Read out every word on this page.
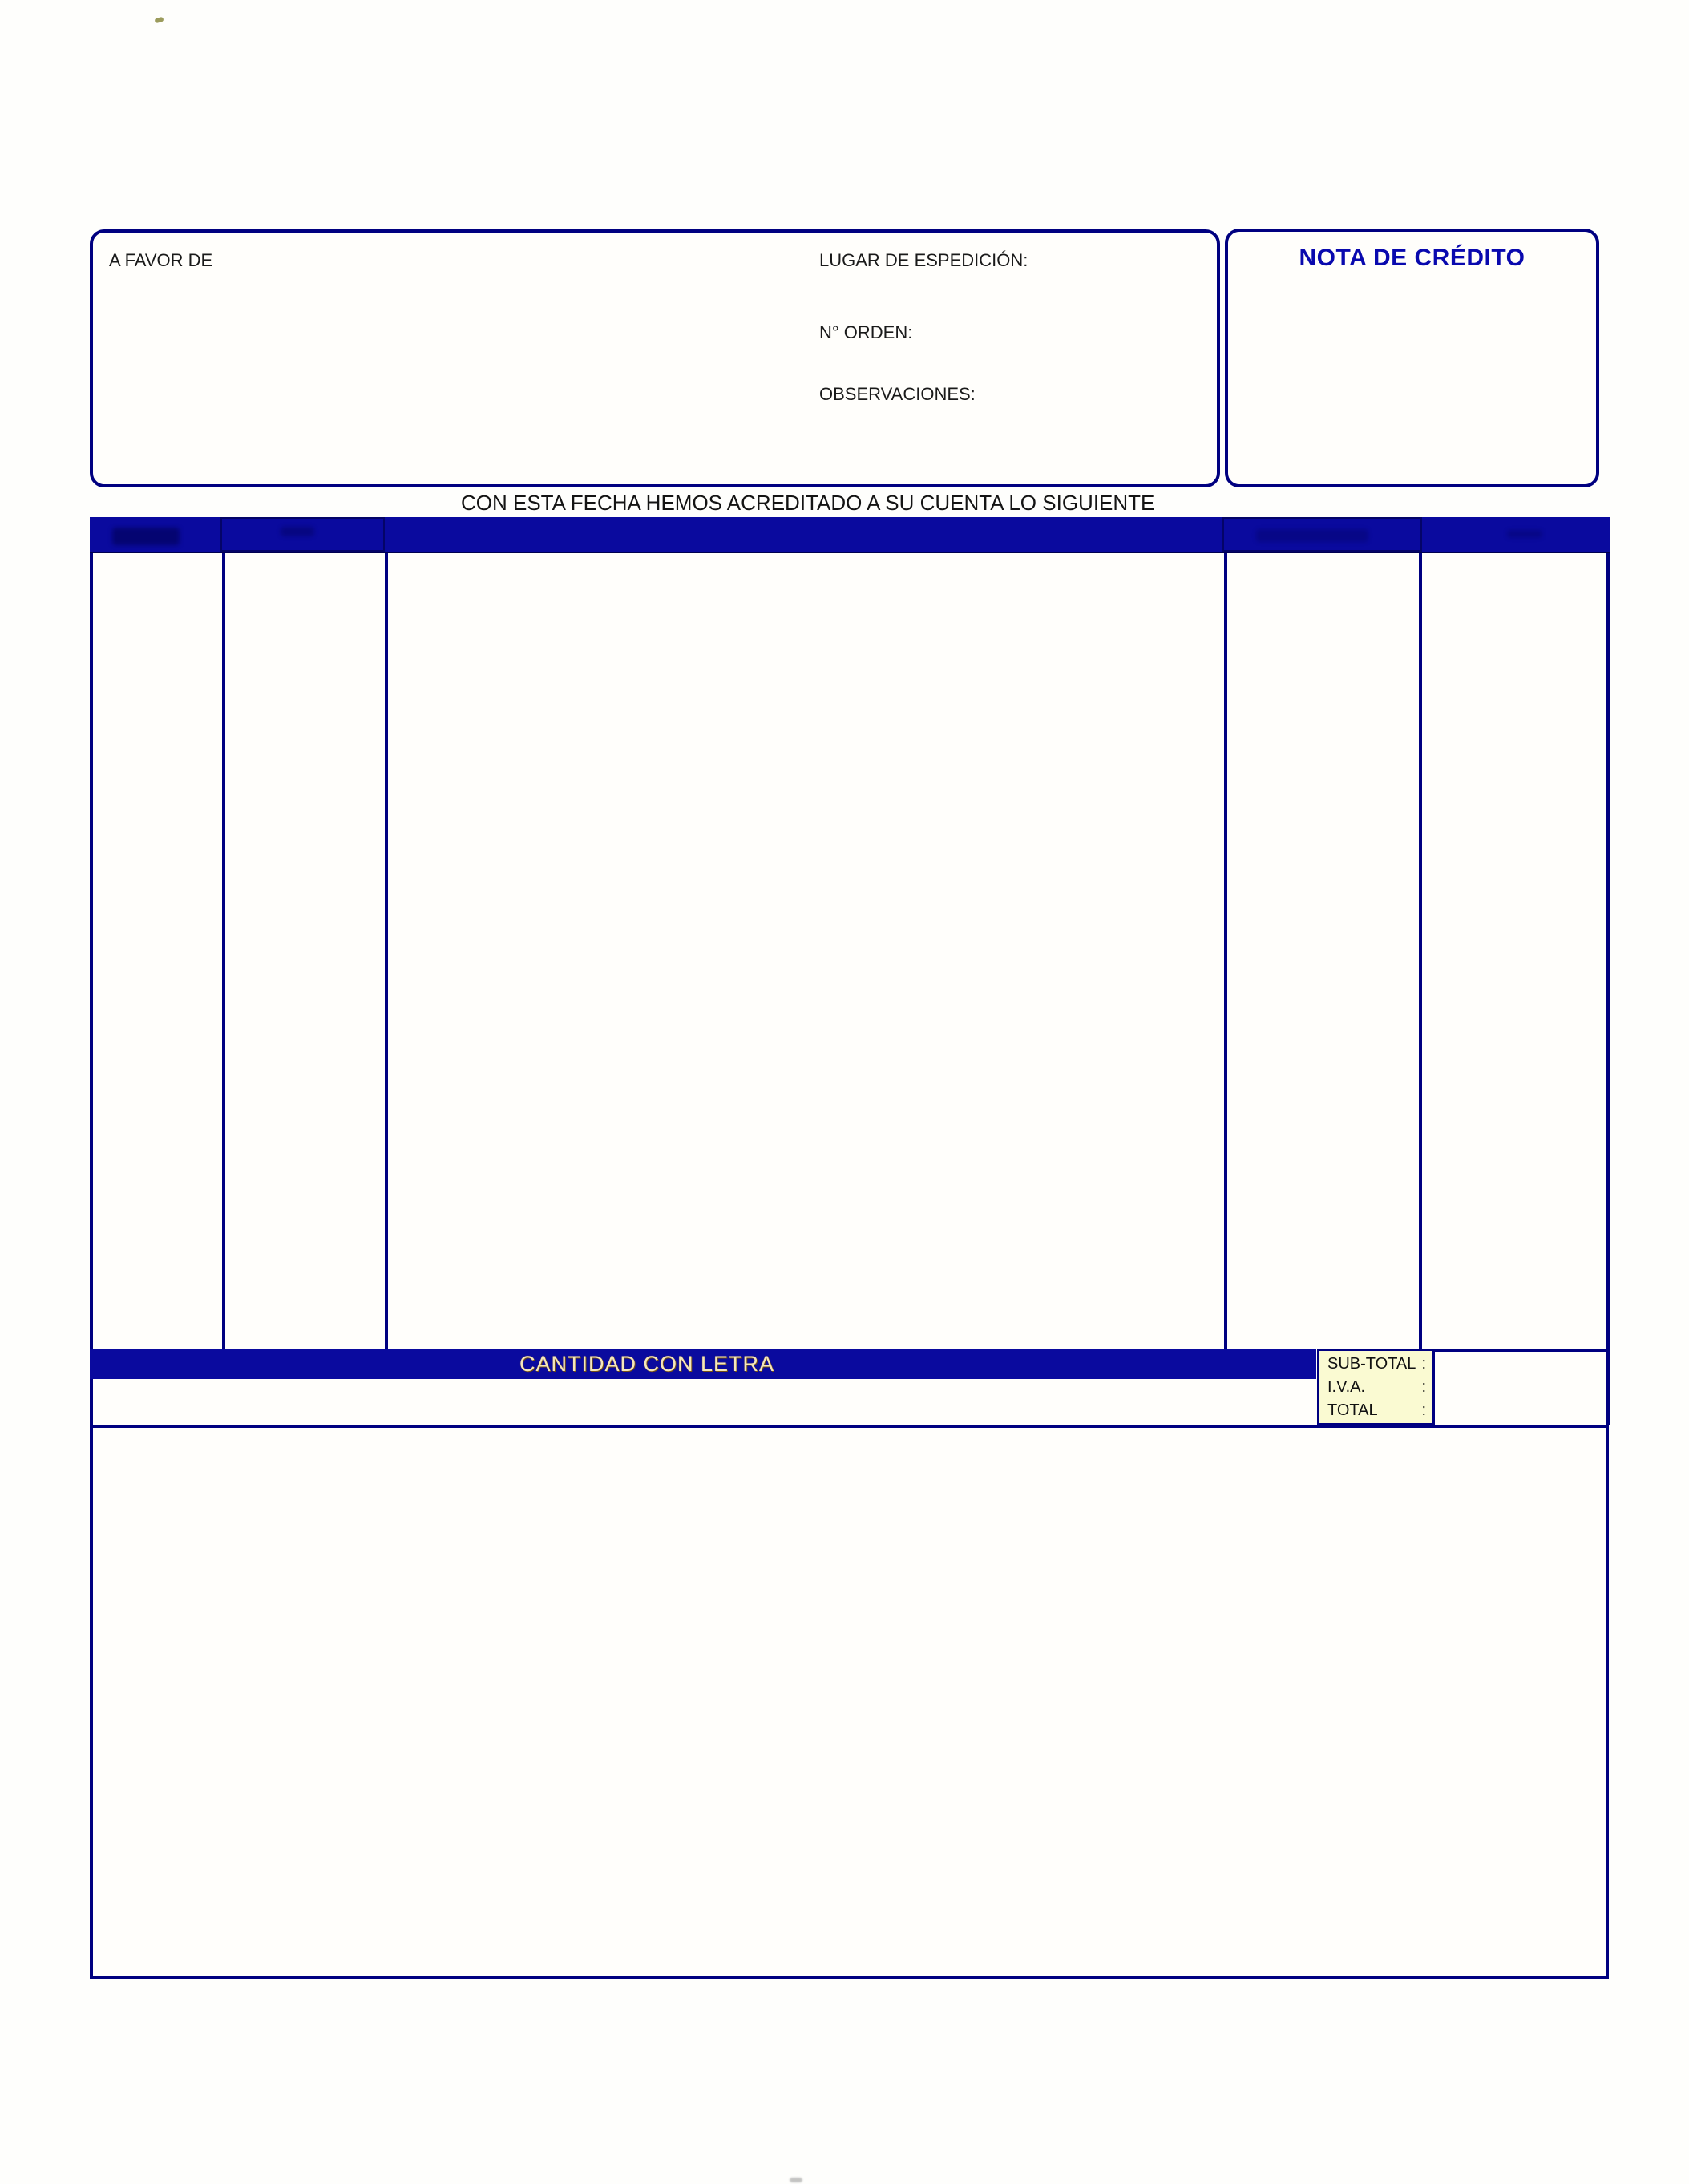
A FAVOR DE	LUGAR DE ESPEDICIÓN:
N° ORDEN:
OBSERVACIONES:
NOTA DE CRÉDITO
CON ESTA FECHA HEMOS ACREDITADO A SU CUENTA LO SIGUIENTE
CANTIDAD CON LETRA	SUB-TOTAL :
I.V.A.	:
TOTAL	:
